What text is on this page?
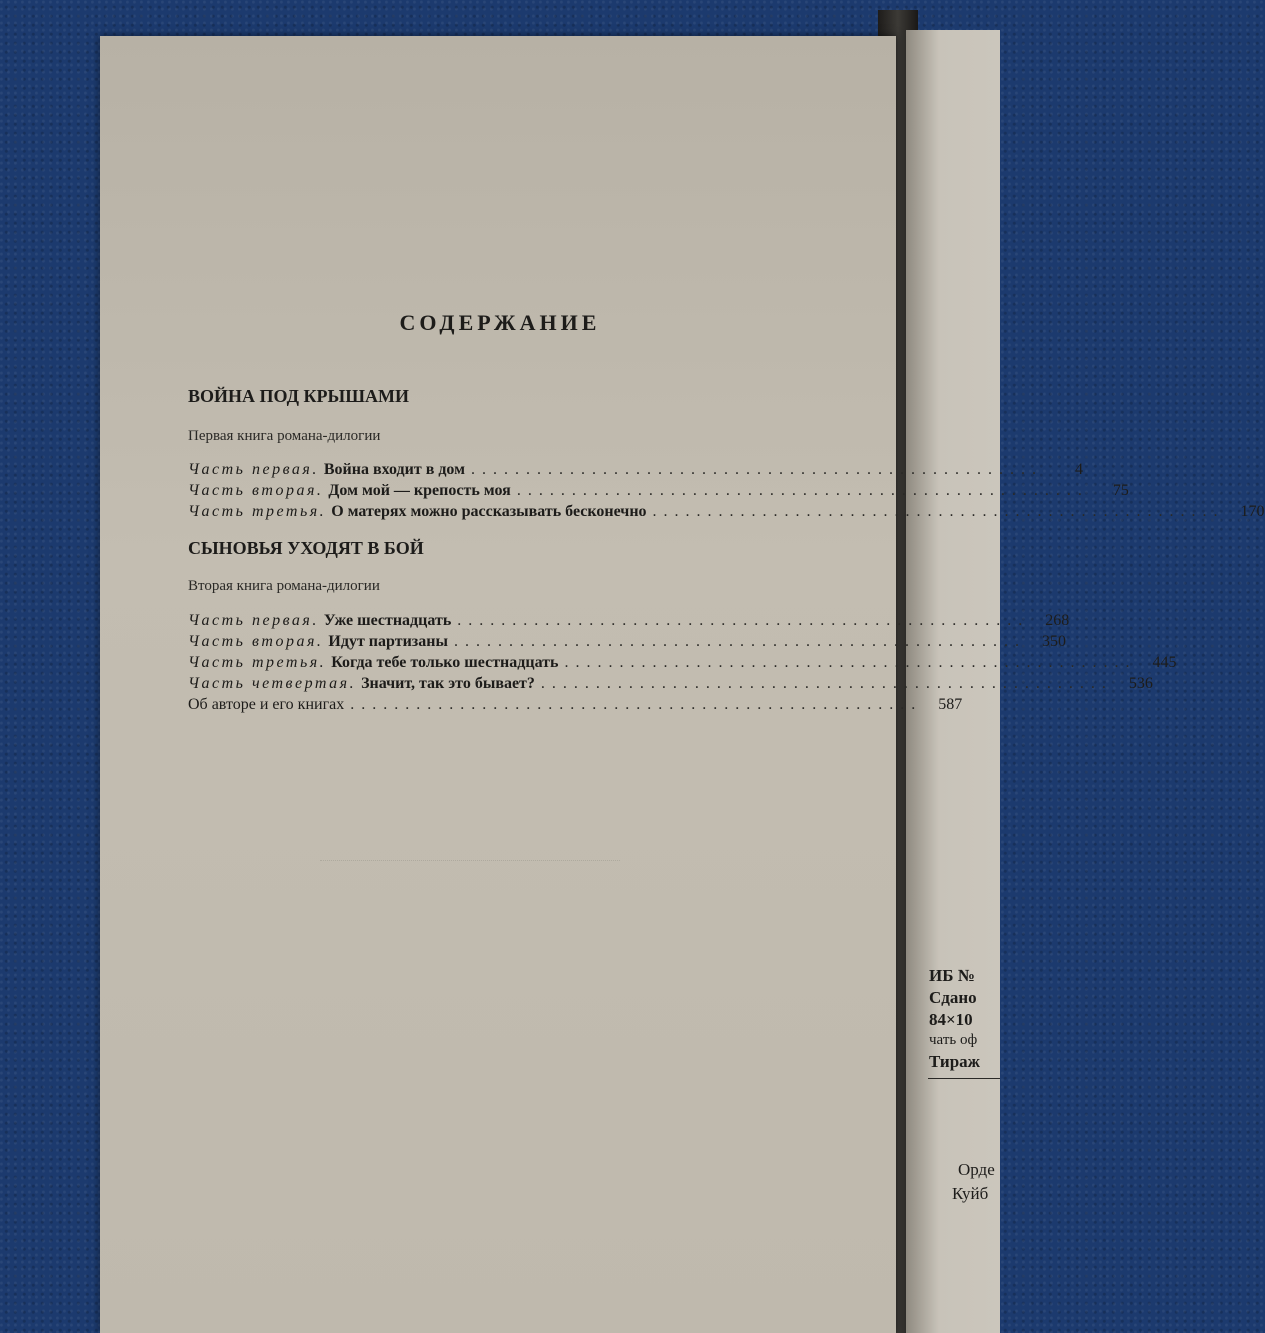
СОДЕРЖАНИЕ
ВОЙНА ПОД КРЫШАМИ
Первая книга романа-дилогии
Часть первая. Война входит в дом ....................................................	4
Часть вторая. Дом мой — крепость моя ....................................................	75
Часть третья. О матерях можно рассказывать бесконечно ....................................................	170
СЫНОВЬЯ УХОДЯТ В БОЙ
Вторая книга романа-дилогии
Часть первая. Уже шестнадцать ....................................................	268
Часть вторая. Идут партизаны ....................................................	350
Часть третья. Когда тебе только шестнадцать ....................................................	445
Часть четвертая. Значит, так это бывает? ....................................................	536
Об авторе и его книгах ....................................................	587
ИБ №
Сдано
84×10
чать оф
Тираж
Орде
Куйб
